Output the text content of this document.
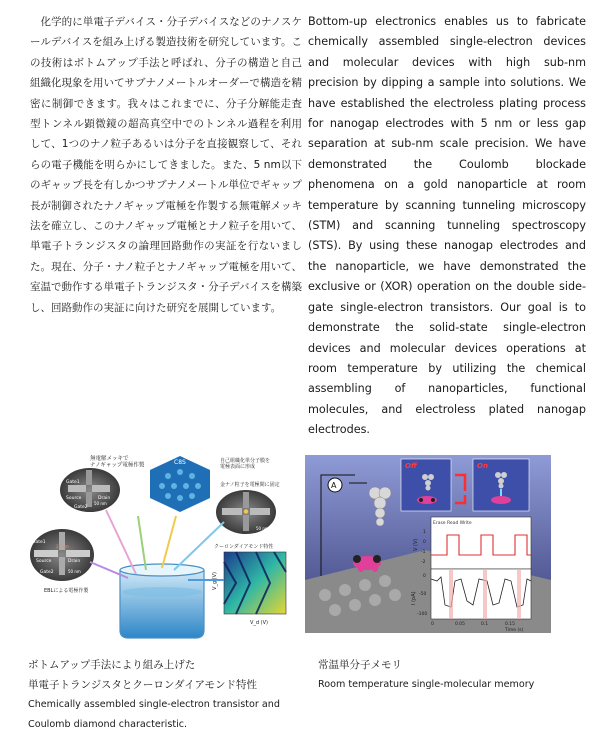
化学的に単電子デバイス・分子デバイスなどのナノスケールデバイスを組み上げる製造技術を研究しています。この技術はボトムアップ手法と呼ばれ、分子の構造と自己組織化現象を用いてサブナノメートルオーダーで構造を精密に制御できます。我々はこれまでに、分子分解能走査型トンネル顕微鏡の超高真空中でのトンネル過程を利用して、1つのナノ粒子あるいは分子を直接観察して、それらの電子機能を明らかにしてきました。また、5 nm以下のギャップ長を有しかつサブナノメートル単位でギャップ長が制御されたナノギャップ電極を作製する無電解メッキ法を確立し、このナノギャップ電極とナノ粒子を用いて、単電子トランジスタの論理回路動作の実証を行ないました。現在、分子・ナノ粒子とナノギャップ電極を用いて、室温で動作する単電子トランジスタ・分子デバイスを構築し、回路動作の実証に向けた研究を展開しています。
Bottom-up electronics enables us to fabricate chemically assembled single-electron devices and molecular devices with high sub-nm precision by dipping a sample into solutions. We have established the electroless plating process for nanogap electrodes with 5 nm or less gap separation at sub-nm scale precision. We have demonstrated the Coulomb blockade phenomena on a gold nanoparticle at room temperature by scanning tunneling microscopy (STM) and scanning tunneling spectroscopy (STS). By using these nanogap electrodes and the nanoparticle, we have demonstrated the exclusive or (XOR) operation on the double side-gate single-electron transistors. Our goal is to demonstrate the solid-state single-electron devices and molecular devices operations at room temperature by utilizing the chemical assembling of nanoparticles, functional molecules, and electroless plated nanogap electrodes.
無電解メッキでナノギャップ電極作製
Gate1
Source	Drain
Gate2
50 nm
Gate1
Source	Drain
Gate2	50 nm
21 nm
EBLによる電極作製
C8S	自己組織化単分子膜を電極表面に形成
金ナノ粒子を電極間に固定
50 nm
クーロンダイアモンド特性
V_g (V)
V_d (V)
A
Off	On
Erase Read Write
1
0
-1
-2
V (V)
0
-50
-100
I (pA)
0	0.05	0.1	0.15
Time (s)
ボトムアップ手法により組み上げた
単電子トランジスタとクーロンダイアモンド特性
Chemically assembled single-electron transistor and Coulomb diamond characteristic.
常温単分子メモリ
Room temperature single-molecular memory
